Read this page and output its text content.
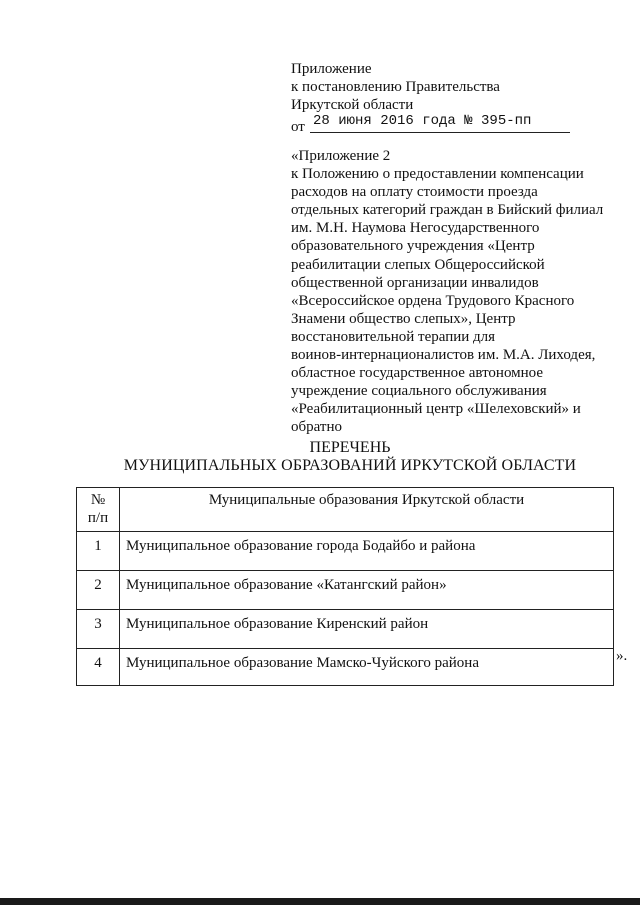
Приложение
к постановлению Правительства
Иркутской области
от 28 июня 2016 года № 395-пп
«Приложение 2
к Положению о предоставлении компенсации
расходов на оплату стоимости проезда
отдельных категорий граждан в Бийский филиал
им. М.Н. Наумова Негосударственного
образовательного учреждения «Центр
реабилитации слепых Общероссийской
общественной организации инвалидов
«Всероссийское ордена Трудового Красного
Знамени общество слепых», Центр
восстановительной терапии для
воинов-интернационалистов им. М.А. Лиходея,
областное государственное автономное
учреждение социального обслуживания
«Реабилитационный центр «Шелеховский» и
обратно
ПЕРЕЧЕНЬ
МУНИЦИПАЛЬНЫХ ОБРАЗОВАНИЙ ИРКУТСКОЙ ОБЛАСТИ
№
п/п	Муниципальные образования Иркутской области
1	Муниципальное образование города Бодайбо и района
2	Муниципальное образование «Катангский район»
3	Муниципальное образование Киренский район
4	Муниципальное образование Мамско-Чуйского района	».
